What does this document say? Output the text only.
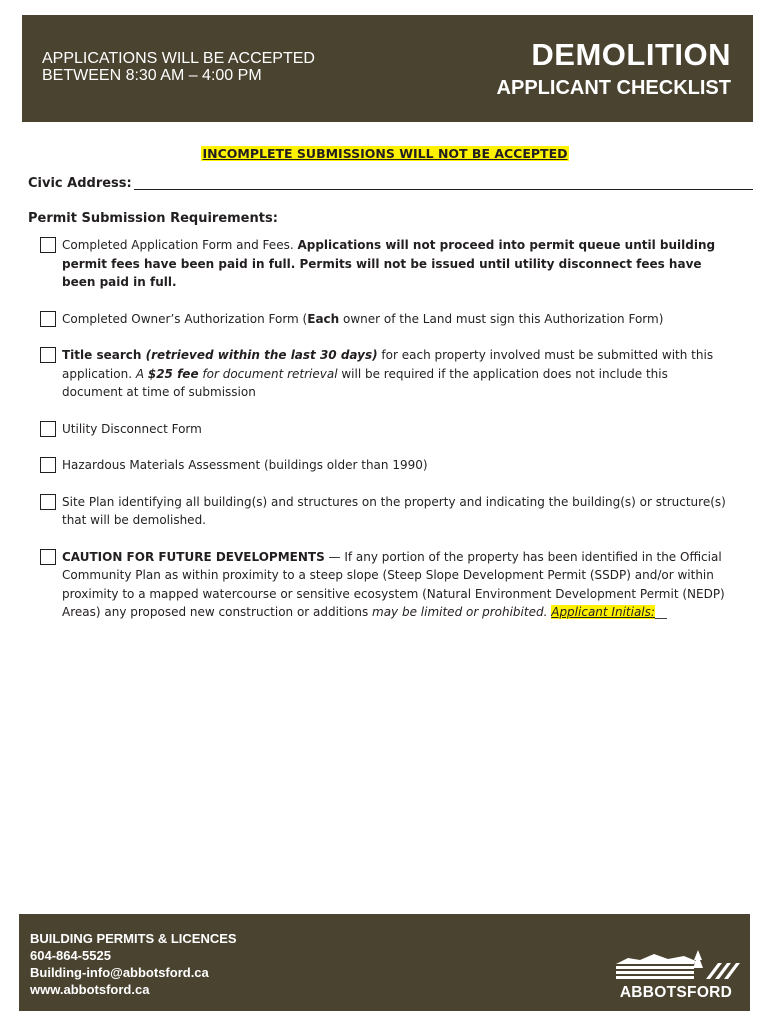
APPLICATIONS WILL BE ACCEPTED
BETWEEN 8:30 AM – 4:00 PM
DEMOLITION
APPLICANT CHECKLIST
INCOMPLETE SUBMISSIONS WILL NOT BE ACCEPTED
Civic Address:
Permit Submission Requirements:
Completed Application Form and Fees. Applications will not proceed into permit queue until building permit fees have been paid in full. Permits will not be issued until utility disconnect fees have been paid in full.
Completed Owner’s Authorization Form (Each owner of the Land must sign this Authorization Form)
Title search (retrieved within the last 30 days) for each property involved must be submitted with this application. A $25 fee for document retrieval will be required if the application does not include this document at time of submission
Utility Disconnect Form
Hazardous Materials Assessment (buildings older than 1990)
Site Plan identifying all building(s) and structures on the property and indicating the building(s) or structure(s) that will be demolished.
CAUTION FOR FUTURE DEVELOPMENTS — If any portion of the property has been identified in the Official Community Plan as within proximity to a steep slope (Steep Slope Development Permit (SSDP) and/or within proximity to a mapped watercourse or sensitive ecosystem (Natural Environment Development Permit (NEDP) Areas) any proposed new construction or additions may be limited or prohibited. Applicant Initials:__
BUILDING PERMITS & LICENCES
604-864-5525
Building-info@abbotsford.ca
www.abbotsford.ca	ABBOTSFORD
